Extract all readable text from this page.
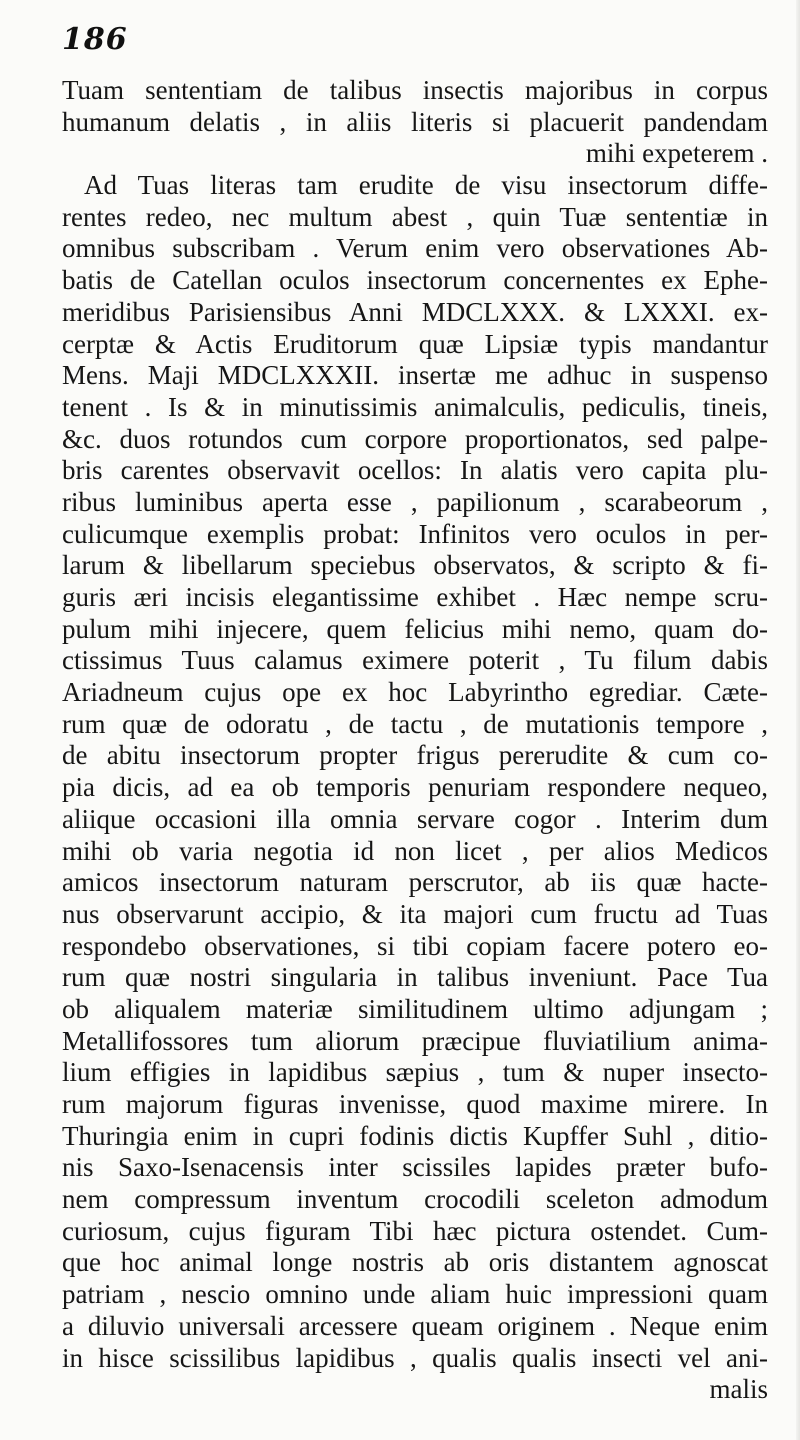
186
Tuam sententiam de talibus insectis majoribus in corpus
humanum delatis , in aliis literis si placuerit pandendam
mihi expeterem .
Ad Tuas literas tam erudite de visu insectorum diffe-
rentes redeo, nec multum abest , quin Tuæ sententiæ in
omnibus subscribam . Verum enim vero observationes Ab-
batis de Catellan oculos insectorum concernentes ex Ephe-
meridibus Parisiensibus Anni MDCLXXX. & LXXXI. ex-
cerptæ & Actis Eruditorum quæ Lipsiæ typis mandantur
Mens. Maji MDCLXXXII. insertæ me adhuc in suspenso
tenent . Is & in minutissimis animalculis, pediculis, tineis,
&c. duos rotundos cum corpore proportionatos, sed palpe-
bris carentes observavit ocellos: In alatis vero capita plu-
ribus luminibus aperta esse , papilionum , scarabeorum ,
culicumque exemplis probat: Infinitos vero oculos in per-
larum & libellarum speciebus observatos, & scripto & fi-
guris æri incisis elegantissime exhibet . Hæc nempe scru-
pulum mihi injecere, quem felicius mihi nemo, quam do-
ctissimus Tuus calamus eximere poterit , Tu filum dabis
Ariadneum cujus ope ex hoc Labyrintho egrediar. Cæte-
rum quæ de odoratu , de tactu , de mutationis tempore ,
de abitu insectorum propter frigus pererudite & cum co-
pia dicis, ad ea ob temporis penuriam respondere nequeo,
aliique occasioni illa omnia servare cogor . Interim dum
mihi ob varia negotia id non licet , per alios Medicos
amicos insectorum naturam perscrutor, ab iis quæ hacte-
nus observarunt accipio, & ita majori cum fructu ad Tuas
respondebo observationes, si tibi copiam facere potero eo-
rum quæ nostri singularia in talibus inveniunt. Pace Tua
ob aliqualem materiæ similitudinem ultimo adjungam ;
Metallifossores tum aliorum præcipue fluviatilium anima-
lium effigies in lapidibus sæpius , tum & nuper insecto-
rum majorum figuras invenisse, quod maxime mirere. In
Thuringia enim in cupri fodinis dictis Kupffer Suhl , ditio-
nis Saxo-Isenacensis inter scissiles lapides præter bufo-
nem compressum inventum crocodili sceleton admodum
curiosum, cujus figuram Tibi hæc pictura ostendet. Cum-
que hoc animal longe nostris ab oris distantem agnoscat
patriam , nescio omnino unde aliam huic impressioni quam
a diluvio universali arcessere queam originem . Neque enim
in hisce scissilibus lapidibus , qualis qualis insecti vel ani-
malis
